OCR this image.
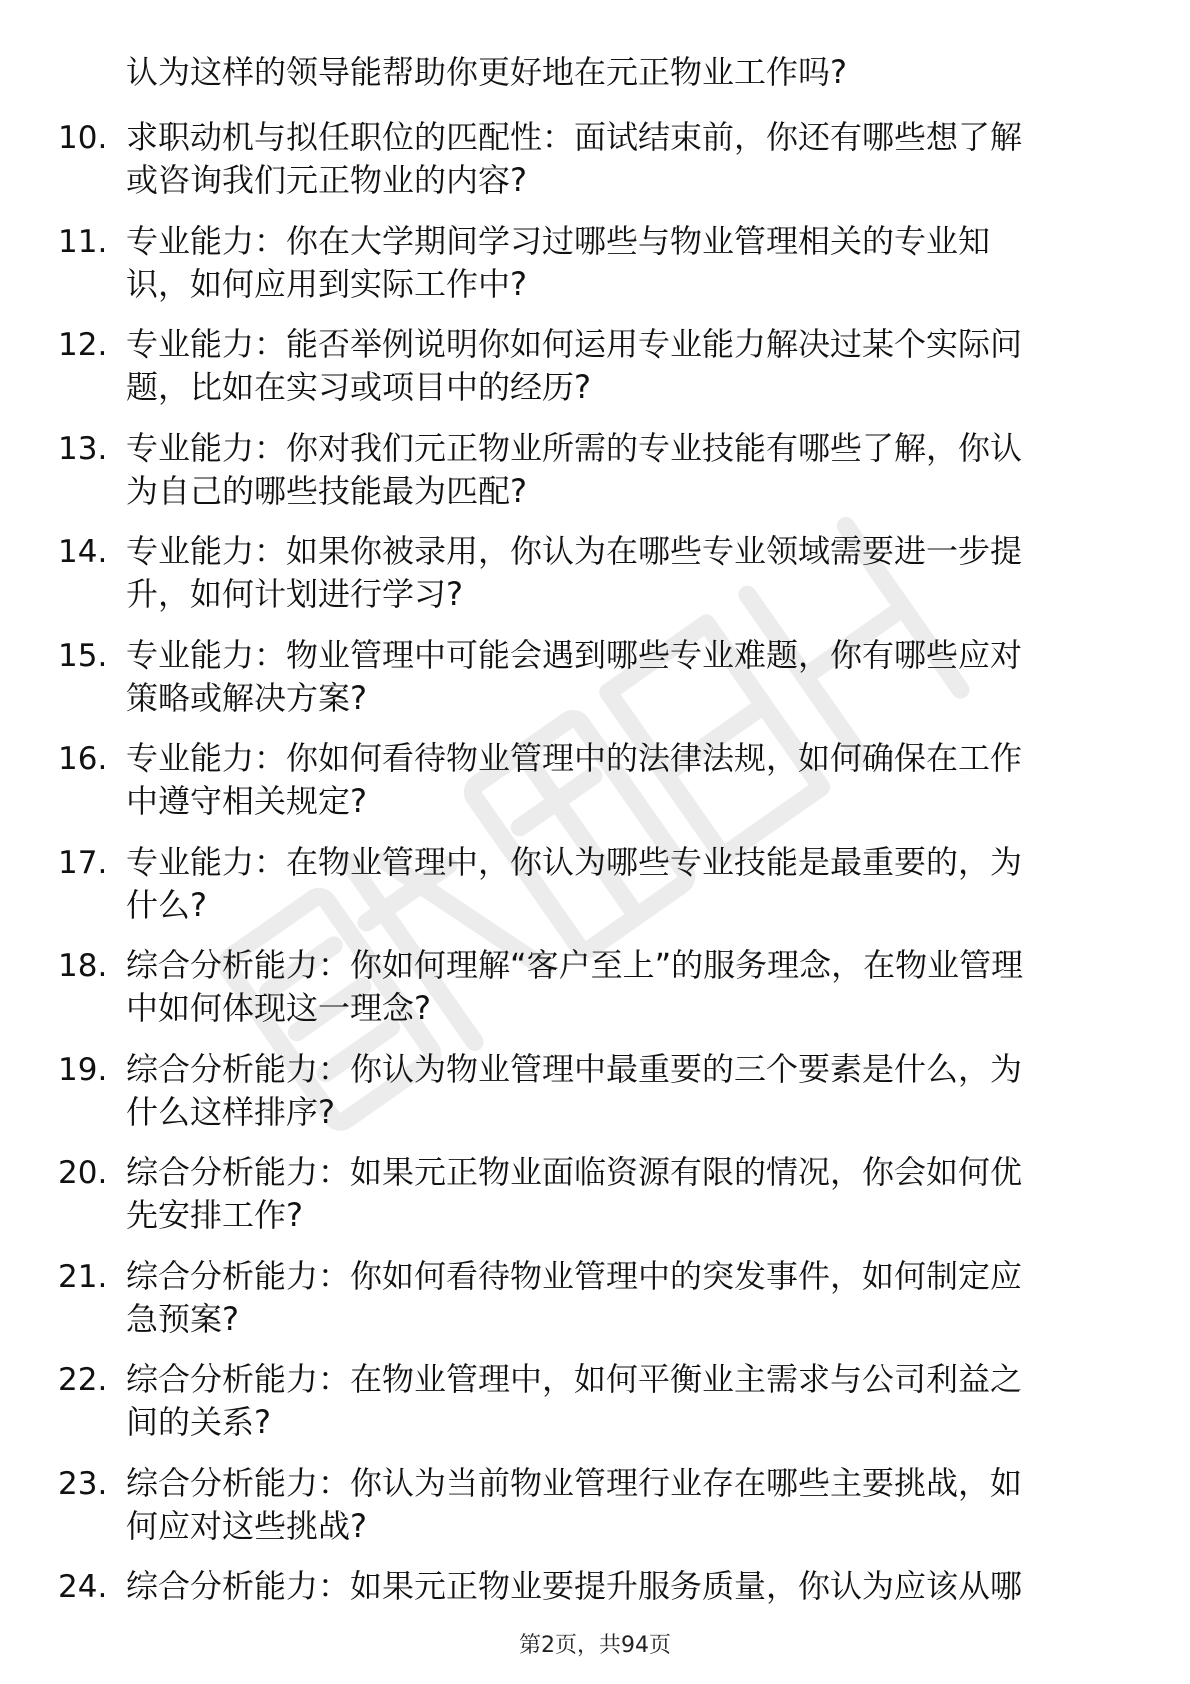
认为这样的领导能帮助你更好地在元正物业工作吗?
10. 求职动机与拟任职位的匹配性：面试结束前，你还有哪些想了解
或咨询我们元正物业的内容?
11. 专业能力：你在大学期间学习过哪些与物业管理相关的专业知
识，如何应用到实际工作中?
12. 专业能力：能否举例说明你如何运用专业能力解决过某个实际问
题，比如在实习或项目中的经历?
13. 专业能力：你对我们元正物业所需的专业技能有哪些了解，你认
为自己的哪些技能最为匹配?
14. 专业能力：如果你被录用，你认为在哪些专业领域需要进一步提
升，如何计划进行学习?
15. 专业能力：物业管理中可能会遇到哪些专业难题，你有哪些应对
策略或解决方案?
16. 专业能力：你如何看待物业管理中的法律法规，如何确保在工作
中遵守相关规定?
17. 专业能力：在物业管理中，你认为哪些专业技能是最重要的，为
什么?
18. 综合分析能力：你如何理解“客户至上”的服务理念，在物业管理
中如何体现这一理念?
19. 综合分析能力：你认为物业管理中最重要的三个要素是什么，为
什么这样排序?
20. 综合分析能力：如果元正物业面临资源有限的情况，你会如何优
先安排工作?
21. 综合分析能力：你如何看待物业管理中的突发事件，如何制定应
急预案?
22. 综合分析能力：在物业管理中，如何平衡业主需求与公司利益之
间的关系?
23. 综合分析能力：你认为当前物业管理行业存在哪些主要挑战，如
何应对这些挑战?
24. 综合分析能力：如果元正物业要提升服务质量，你认为应该从哪
第2页，共94页
